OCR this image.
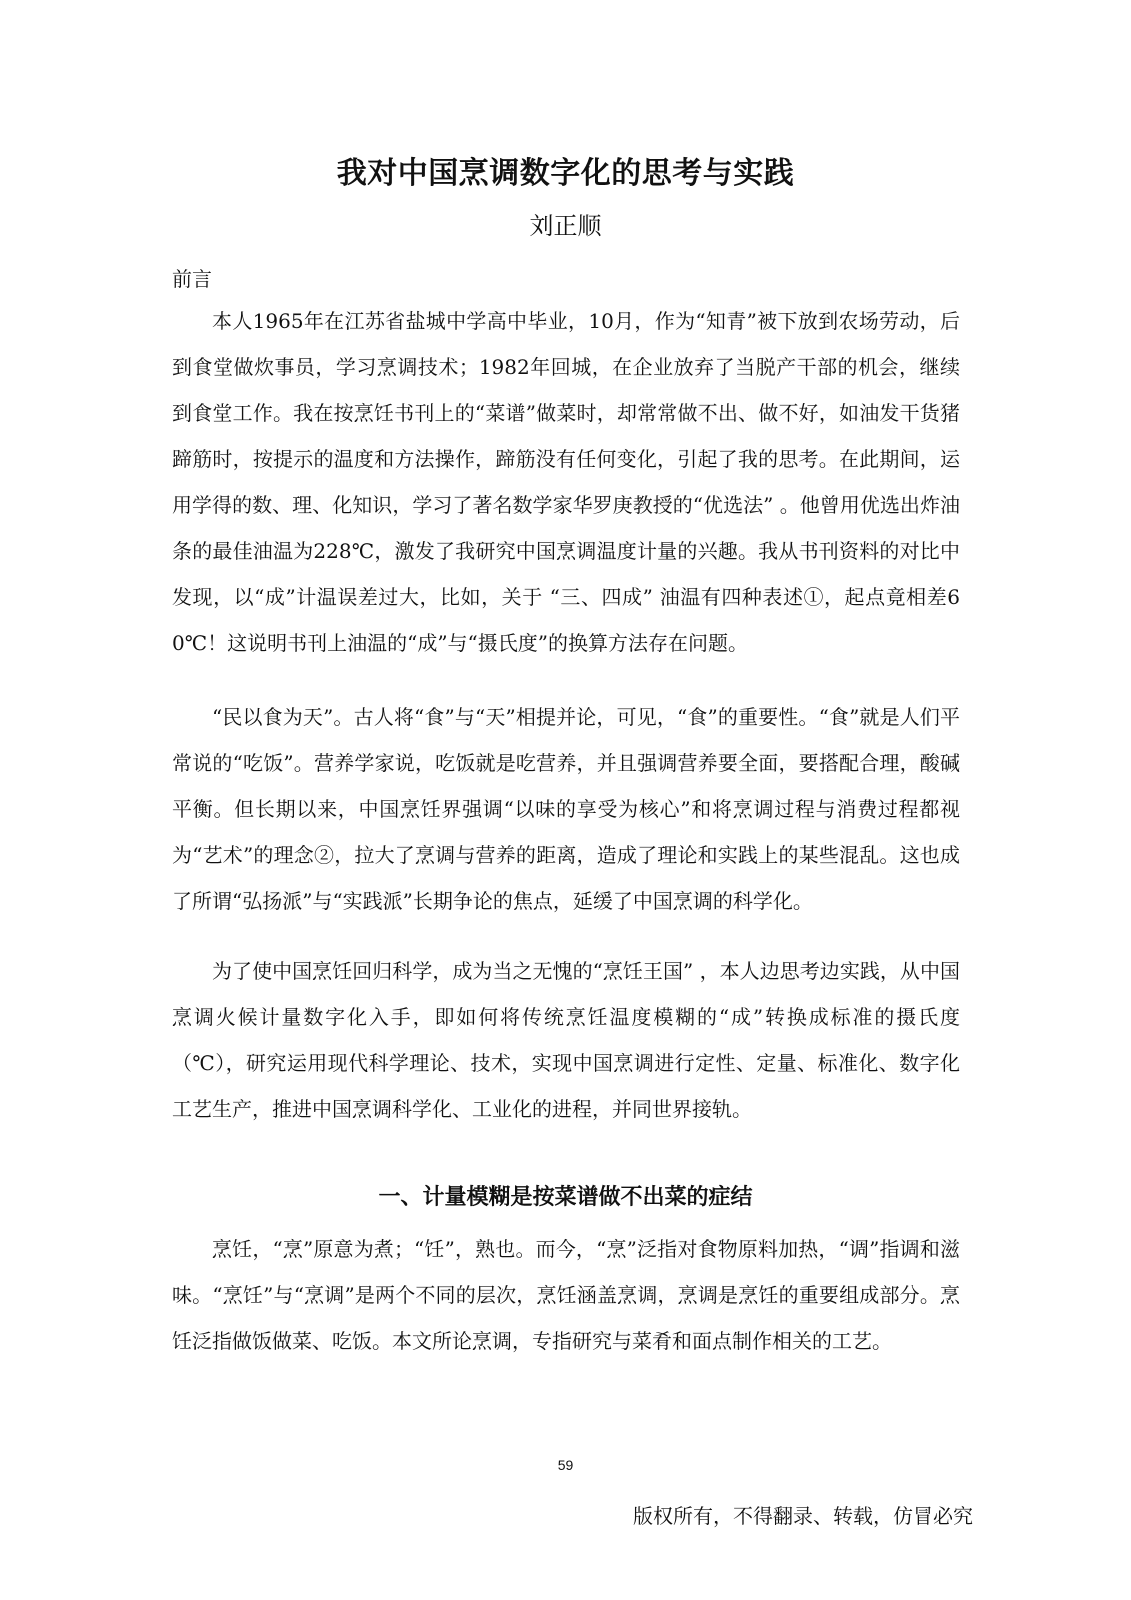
我对中国烹调数字化的思考与实践
刘正顺
前言

本人1965年在江苏省盐城中学高中毕业，10月，作为“知青”被下放到农场劳动，后到食堂做炊事员，学习烹调技术；1982年回城，在企业放弃了当脱产干部的机会，继续到食堂工作。我在按烹饪书刊上的“菜谱”做菜时，却常常做不出、做不好，如油发干货猪蹄筋时，按提示的温度和方法操作，蹄筋没有任何变化，引起了我的思考。在此期间，运用学得的数、理、化知识，学习了著名数学家华罗庚教授的“优选法” 。他曾用优选出炸油条的最佳油温为228℃，激发了我研究中国烹调温度计量的兴趣。我从书刊资料的对比中发现，以“成”计温误差过大，比如，关于 “三、四成” 油温有四种表述①，起点竟相差60℃！这说明书刊上油温的“成”与“摄氏度”的换算方法存在问题。

“民以食为天”。古人将“食”与“天”相提并论，可见，“食”的重要性。“食”就是人们平常说的“吃饭”。营养学家说，吃饭就是吃营养，并且强调营养要全面，要搭配合理，酸碱平衡。但长期以来，中国烹饪界强调“以味的享受为核心”和将烹调过程与消费过程都视为“艺术”的理念②，拉大了烹调与营养的距离，造成了理论和实践上的某些混乱。这也成了所谓“弘扬派”与“实践派”长期争论的焦点，延缓了中国烹调的科学化。

为了使中国烹饪回归科学，成为当之无愧的“烹饪王国” ，本人边思考边实践，从中国烹调火候计量数字化入手，即如何将传统烹饪温度模糊的“成”转换成标准的摄氏度（℃），研究运用现代科学理论、技术，实现中国烹调进行定性、定量、标准化、数字化工艺生产，推进中国烹调科学化、工业化的进程，并同世界接轨。

一、计量模糊是按菜谱做不出菜的症结

烹饪，“烹”原意为煮；“饪”，熟也。而今，“烹”泛指对食物原料加热，“调”指调和滋味。“烹饪”与“烹调”是两个不同的层次，烹饪涵盖烹调，烹调是烹饪的重要组成部分。烹饪泛指做饭做菜、吃饭。本文所论烹调，专指研究与菜肴和面点制作相关的工艺。

59
版权所有，不得翻录、转载，仿冒必究
